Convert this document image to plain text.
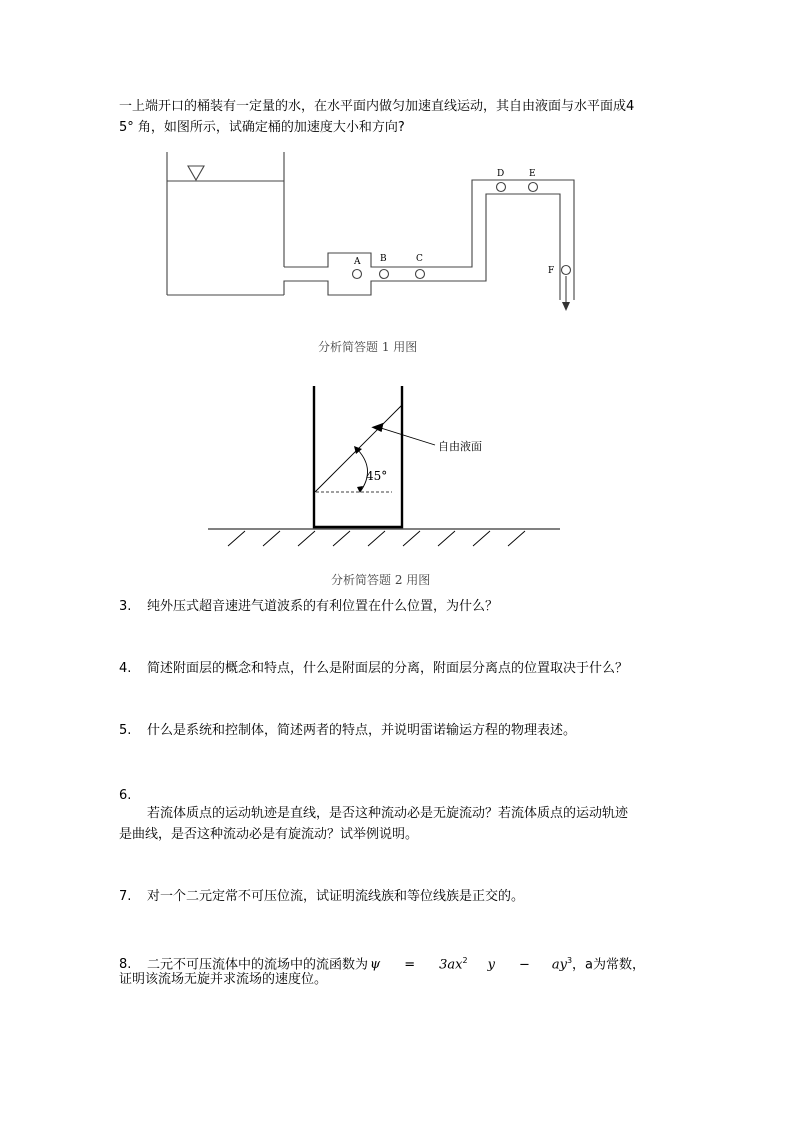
一上端开口的桶装有一定量的水，在水平面内做匀加速直线运动，其自由液面与水平面成4

5° 角，如图所示，试确定桶的加速度大小和方向?

A B	C
D	E
F
45°
自由液面
分析简答题 1 用图
分析简答题 2 用图

3. 纯外压式超音速进气道波系的有利位置在什么位置，为什么？

4. 简述附面层的概念和特点，什么是附面层的分离，附面层分离点的位置取决于什么？

5. 什么是系统和控制体，简述两者的特点，并说明雷诺输运方程的物理表述。

6.

若流体质点的运动轨迹是直线，是否这种流动必是无旋流动？若流体质点的运动轨迹

是曲线，是否这种流动必是有旋流动？试举例说明。

7. 对一个二元定常不可压位流，试证明流线族和等位线族是正交的。

8. 二元不可压流体中的流场中的流函数为 $\psi = 3ax^2$ $y - ay^3$，a为常数，

证明该流场无旋并求流场的速度位。
